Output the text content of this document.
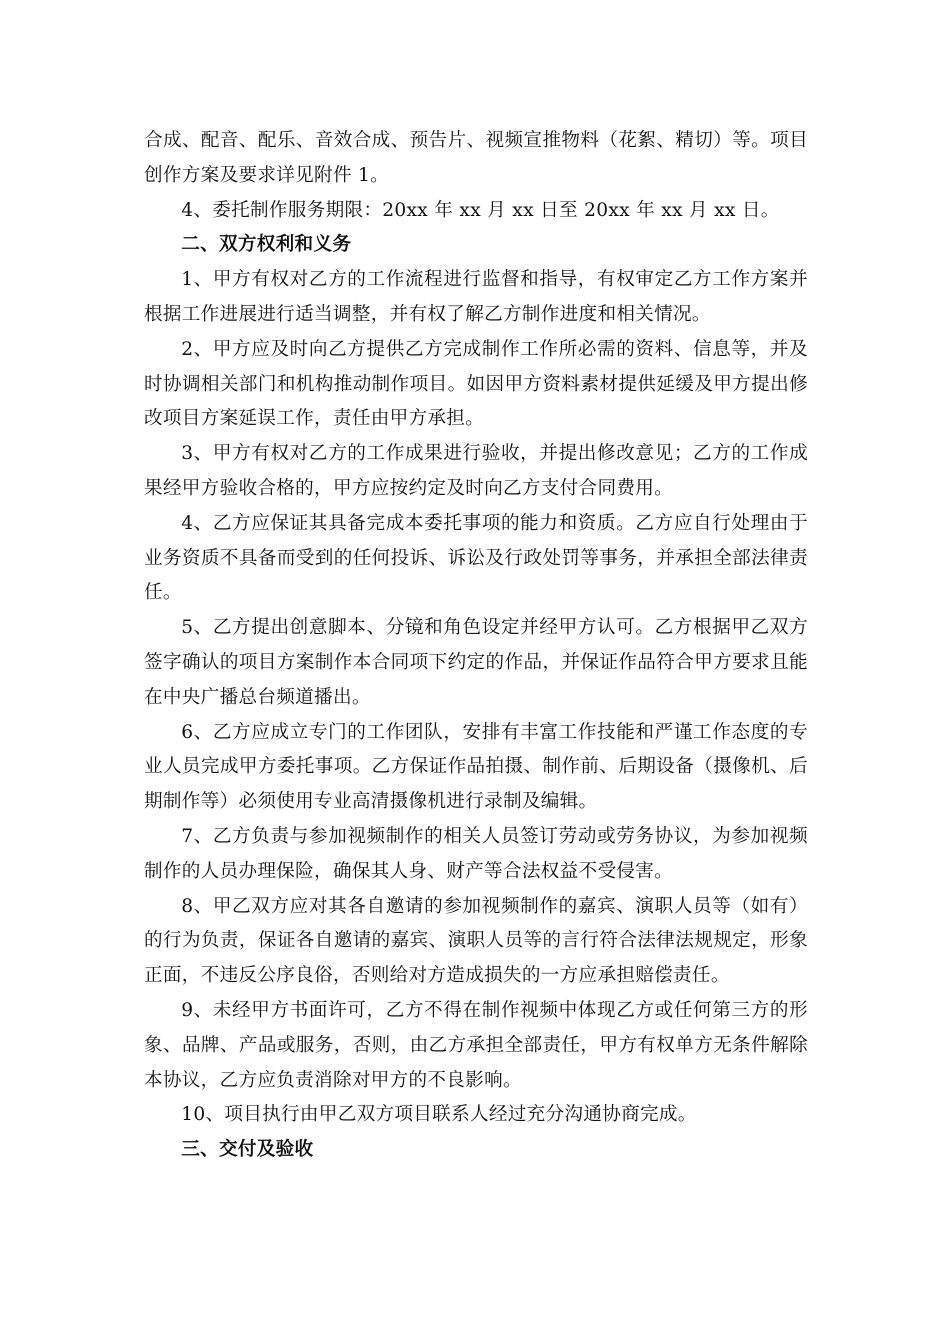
合成、配音、配乐、音效合成、预告片、视频宣推物料（花絮、精切）等。项目创作方案及要求详见附件 1。

4、委托制作服务期限：20xx 年 xx 月 xx 日至 20xx 年 xx 月 xx 日。

二、双方权利和义务

1、甲方有权对乙方的工作流程进行监督和指导，有权审定乙方工作方案并根据工作进展进行适当调整，并有权了解乙方制作进度和相关情况。

2、甲方应及时向乙方提供乙方完成制作工作所必需的资料、信息等，并及时协调相关部门和机构推动制作项目。如因甲方资料素材提供延缓及甲方提出修改项目方案延误工作，责任由甲方承担。

3、甲方有权对乙方的工作成果进行验收，并提出修改意见；乙方的工作成果经甲方验收合格的，甲方应按约定及时向乙方支付合同费用。

4、乙方应保证其具备完成本委托事项的能力和资质。乙方应自行处理由于业务资质不具备而受到的任何投诉、诉讼及行政处罚等事务，并承担全部法律责任。

5、乙方提出创意脚本、分镜和角色设定并经甲方认可。乙方根据甲乙双方签字确认的项目方案制作本合同项下约定的作品，并保证作品符合甲方要求且能在中央广播总台频道播出。

6、乙方应成立专门的工作团队，安排有丰富工作技能和严谨工作态度的专业人员完成甲方委托事项。乙方保证作品拍摄、制作前、后期设备（摄像机、后期制作等）必须使用专业高清摄像机进行录制及编辑。

7、乙方负责与参加视频制作的相关人员签订劳动或劳务协议，为参加视频制作的人员办理保险，确保其人身、财产等合法权益不受侵害。

8、甲乙双方应对其各自邀请的参加视频制作的嘉宾、演职人员等（如有）的行为负责，保证各自邀请的嘉宾、演职人员等的言行符合法律法规规定，形象正面，不违反公序良俗，否则给对方造成损失的一方应承担赔偿责任。

9、未经甲方书面许可，乙方不得在制作视频中体现乙方或任何第三方的形象、品牌、产品或服务，否则，由乙方承担全部责任，甲方有权单方无条件解除本协议，乙方应负责消除对甲方的不良影响。

10、项目执行由甲乙双方项目联系人经过充分沟通协商完成。

三、交付及验收
